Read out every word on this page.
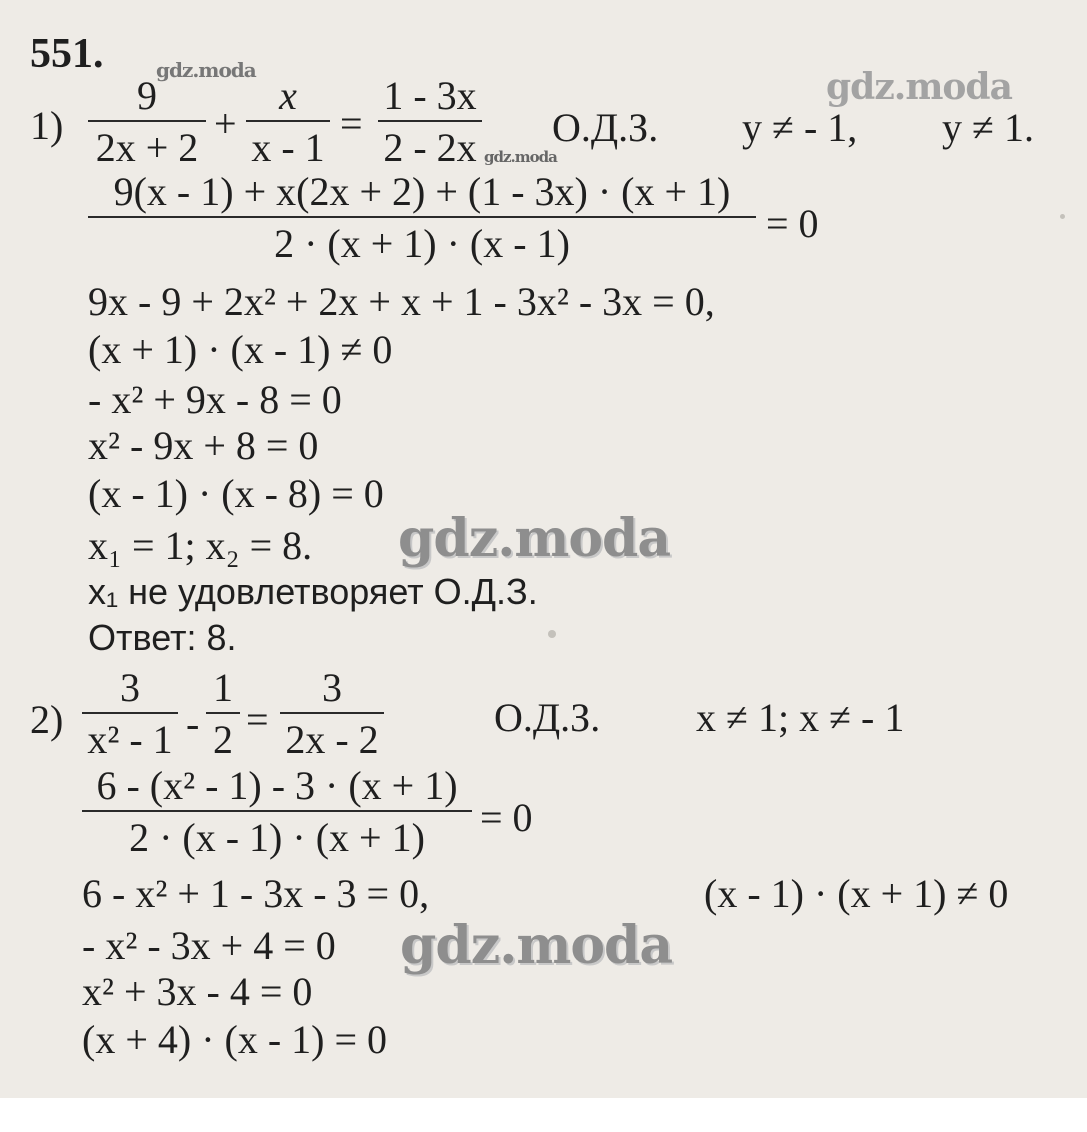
551.	gdz.moda	gdz.moda
gdz.moda
gdz.moda
gdz.moda
1)
9
2x + 2
+
x
x - 1
=
1 - 3x
2 - 2x О.Д.З. y ≠ - 1, y ≠ 1.
9(x - 1) + x(2x + 2) + (1 - 3x) · (x + 1)
2 · (x + 1) · (x - 1)	= 0
9x - 9 + 2x² + 2x + x + 1 - 3x² - 3x = 0,
(x + 1) · (x - 1) ≠ 0
- x² + 9x - 8 = 0
x² - 9x + 8 = 0
(x - 1) · (x - 8) = 0
x₁ = 1; x₂ = 8.
x₁ не удовлетворяет О.Д.З.
Ответ: 8.
2)
3
x² - 1 -
1
2 =
3
2x - 2	О.Д.З. x ≠ 1; x ≠ - 1
6 - (x² - 1) - 3 · (x + 1)
2 · (x - 1) · (x + 1)	= 0
6 - x² + 1 - 3x - 3 = 0,	(x - 1) · (x + 1) ≠ 0
- x² - 3x + 4 = 0
x² + 3x - 4 = 0
(x + 4) · (x - 1) = 0
